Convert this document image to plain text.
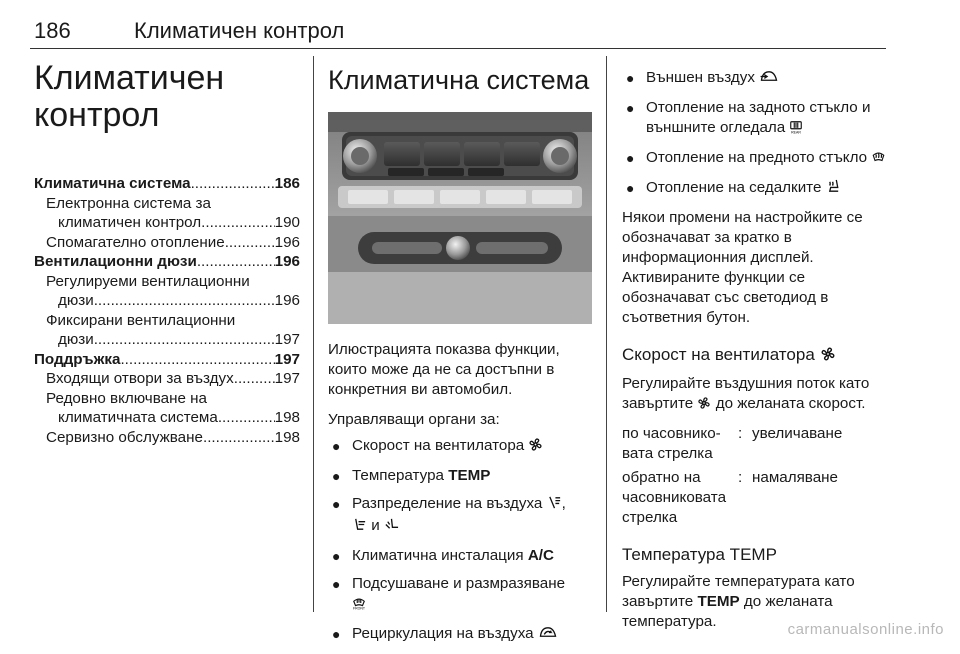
186	Климатичен контрол
Климатичен
контрол
Климатична система .....	186
Електронна система за
климатичен контрол .....	190
Спомагателно отопление .....	196
Вентилационни дюзи .....	196
Регулируеми вентилационни
дюзи .....	196
Фиксирани вентилационни
дюзи .....	197
Поддръжка .....	197
Входящи отвори за въздух .....	197
Редовно включване на
климатичната система .....	198
Сервизно обслужване .....	198
Климатична система
Илюстрацията показва функции, които може да не са достъпни в конкретния ви автомобил.
Управляващи органи за:
● Скорост на вентилатора
● Температура TEMP
● Разпределение на въздуха ,
и
● Климатична инсталация A/C
● Подсушаване и размразяване

FRONT
● Рециркулация на въздуха
● Външен въздух
● Отопление на задното стъкло и външните огледала REAR
● Отопление на предното стъкло
● Отопление на седалките
Някои промени на настройките се обозначават за кратко в информационния дисплей. Активираните функции се обозначават със светодиод в съответния бутон.
Скорост на вентилатора
Регулирайте въздушния поток като завъртите до желаната скорост.
по часовнико-вата стрелка
: увеличаване
обратно на часовниковата стрелка
: намаляване
Температура TEMP
Регулирайте температурата като завъртите TEMP до желаната температура.	carmanualsonline.info
